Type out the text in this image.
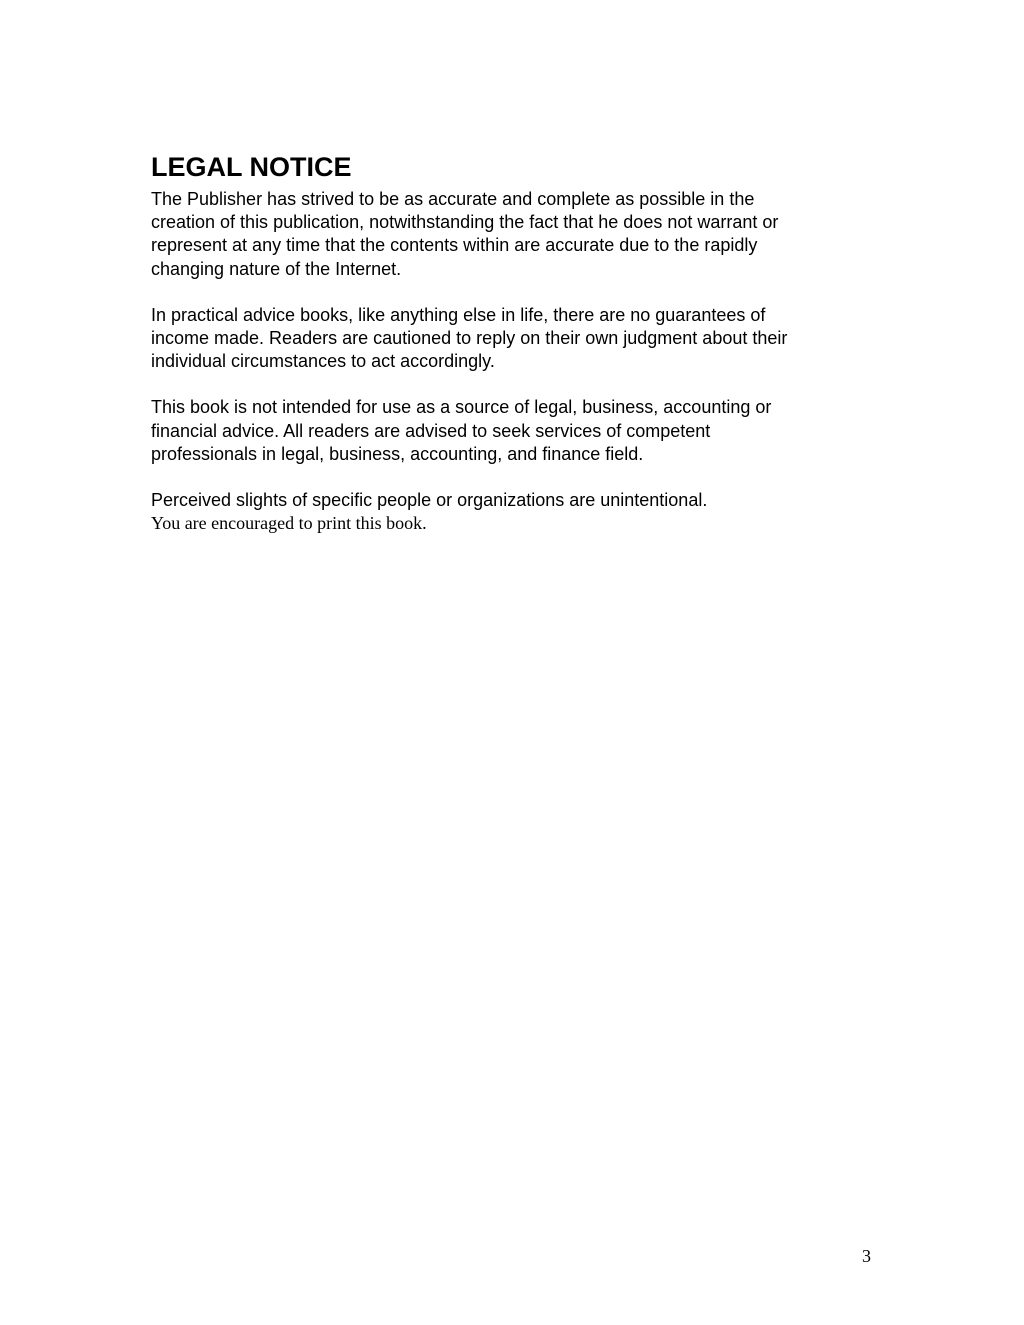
LEGAL NOTICE

The Publisher has strived to be as accurate and complete as possible in the
creation of this publication, notwithstanding the fact that he does not warrant or
represent at any time that the contents within are accurate due to the rapidly
changing nature of the Internet.

In practical advice books, like anything else in life, there are no guarantees of
income made. Readers are cautioned to reply on their own judgment about their
individual circumstances to act accordingly.

This book is not intended for use as a source of legal, business, accounting or
financial advice. All readers are advised to seek services of competent
professionals in legal, business, accounting, and finance field.

Perceived slights of specific people or organizations are unintentional.

You are encouraged to print this book.

3
